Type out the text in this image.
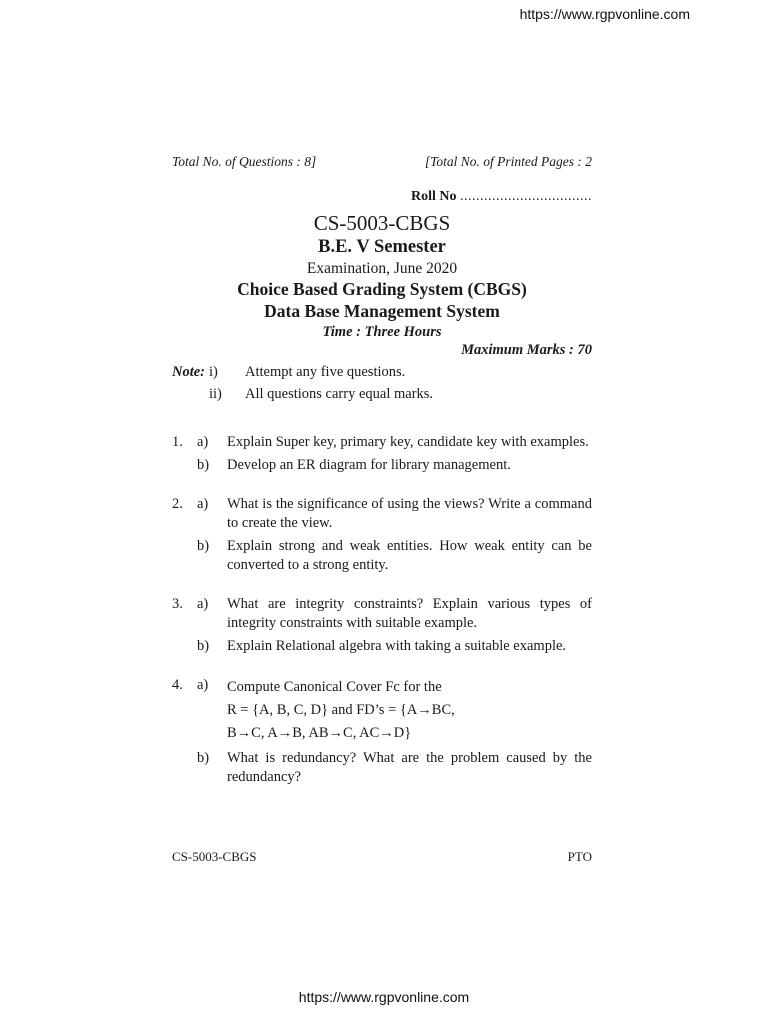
https://www.rgpvonline.com
Total No. of Questions : 8]	[Total No. of Printed Pages : 2
Roll No .................................
CS-5003-CBGS
B.E. V Semester
Examination, June 2020
Choice Based Grading System (CBGS)
Data Base Management System
Time : Three Hours
Maximum Marks : 70
Note: i)	Attempt any five questions.
ii)	All questions carry equal marks.
1. a)	Explain Super key, primary key, candidate key with examples.
b)	Develop an ER diagram for library management.
2. a)	What is the significance of using the views? Write a command to create the view.
b)	Explain strong and weak entities. How weak entity can be converted to a strong entity.
3. a)	What are integrity constraints? Explain various types of integrity constraints with suitable example.
b)	Explain Relational algebra with taking a suitable example.
4. a)	Compute Canonical Cover Fc for the
R = {A, B, C, D} and FD’s = {A→BC,
B→C, A→B, AB→C, AC→D}
b)	What is redundancy? What are the problem caused by the redundancy?
CS-5003-CBGS	PTO
https://www.rgpvonline.com
